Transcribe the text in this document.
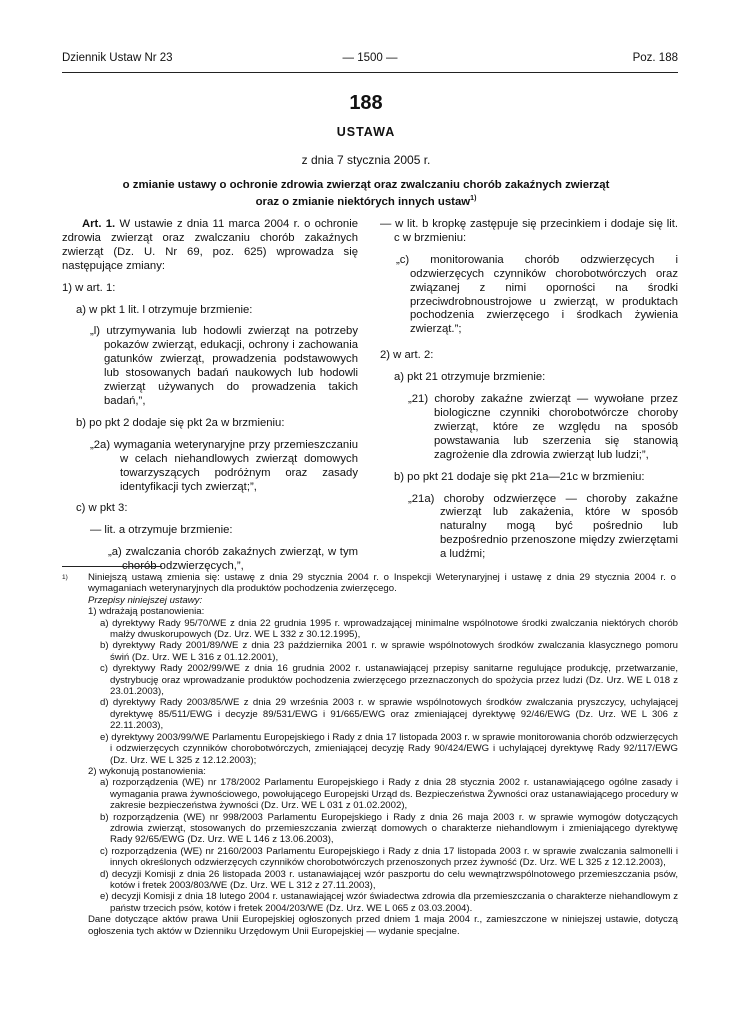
Dziennik Ustaw Nr 23	— 1500 —	Poz. 188
188
USTAWA
z dnia 7 stycznia 2005 r.
o zmianie ustawy o ochronie zdrowia zwierząt oraz zwalczaniu chorób zakaźnych zwierząt
oraz o zmianie niektórych innych ustaw$^{1)}$

Art. 1. W ustawie z dnia 11 marca 2004 r. o ochronie zdrowia zwierząt oraz zwalczaniu chorób zakaźnych zwierząt (Dz. U. Nr 69, poz. 625) wprowadza się następujące zmiany:

1) w art. 1:

a) w pkt 1 lit. l otrzymuje brzmienie:

„l) utrzymywania lub hodowli zwierząt na potrzeby pokazów zwierząt, edukacji, ochrony i zachowania gatunków zwierząt, prowadzenia podstawowych lub stosowanych badań naukowych lub hodowli zwierząt używanych do prowadzenia takich badań,”,

b) po pkt 2 dodaje się pkt 2a w brzmieniu:

„2a) wymagania weterynaryjne przy przemieszczaniu w celach niehandlowych zwierząt domowych towarzyszących podróżnym oraz zasady identyfikacji tych zwierząt;”,

c) w pkt 3:

— lit. a otrzymuje brzmienie:

„a) zwalczania chorób zakaźnych zwierząt, w tym chorób odzwierzęcych,”,

— w lit. b kropkę zastępuje się przecinkiem i dodaje się lit. c w brzmieniu:

„c) monitorowania chorób odzwierzęcych i odzwierzęcych czynników chorobotwórczych oraz związanej z nimi oporności na środki przeciwdrobnoustrojowe u zwierząt, w produktach pochodzenia zwierzęcego i środkach żywienia zwierząt.”;

2) w art. 2:

a) pkt 21 otrzymuje brzmienie:

„21) choroby zakaźne zwierząt — wywołane przez biologiczne czynniki chorobotwórcze choroby zwierząt, które ze względu na sposób powstawania lub szerzenia się stanowią zagrożenie dla zdrowia zwierząt lub ludzi;”,

b) po pkt 21 dodaje się pkt 21a—21c w brzmieniu:

„21a) choroby odzwierzęce — choroby zakaźne zwierząt lub zakażenia, które w sposób naturalny mogą być pośrednio lub bezpośrednio przenoszone między zwierzętami a ludźmi;

$^{1)}$ Niniejszą ustawą zmienia się: ustawę z dnia 29 stycznia 2004 r. o Inspekcji Weterynaryjnej i ustawę z dnia 29 stycznia 2004 r. o wymaganiach weterynaryjnych dla produktów pochodzenia zwierzęcego.

Przepisy niniejszej ustawy:

1) wdrażają postanowienia:

a) dyrektywy Rady 95/70/WE z dnia 22 grudnia 1995 r. wprowadzającej minimalne wspólnotowe środki zwalczania niektórych chorób małży dwuskorupowych (Dz. Urz. WE L 332 z 30.12.1995),

b) dyrektywy Rady 2001/89/WE z dnia 23 października 2001 r. w sprawie wspólnotowych środków zwalczania klasycznego pomoru świń (Dz. Urz. WE L 316 z 01.12.2001),

c) dyrektywy Rady 2002/99/WE z dnia 16 grudnia 2002 r. ustanawiającej przepisy sanitarne regulujące produkcję, przetwarzanie, dystrybucję oraz wprowadzanie produktów pochodzenia zwierzęcego przeznaczonych do spożycia przez ludzi (Dz. Urz. WE L 018 z 23.01.2003),

d) dyrektywy Rady 2003/85/WE z dnia 29 września 2003 r. w sprawie wspólnotowych środków zwalczania pryszczycy, uchylającej dyrektywę 85/511/EWG i decyzje 89/531/EWG i 91/665/EWG oraz zmieniającej dyrektywę 92/46/EWG (Dz. Urz. WE L 306 z 22.11.2003),

e) dyrektywy 2003/99/WE Parlamentu Europejskiego i Rady z dnia 17 listopada 2003 r. w sprawie monitorowania chorób odzwierzęcych i odzwierzęcych czynników chorobotwórczych, zmieniającej decyzję Rady 90/424/EWG i uchylającej dyrektywę Rady 92/117/EWG (Dz. Urz. WE L 325 z 12.12.2003);

2) wykonują postanowienia:

a) rozporządzenia (WE) nr 178/2002 Parlamentu Europejskiego i Rady z dnia 28 stycznia 2002 r. ustanawiającego ogólne zasady i wymagania prawa żywnościowego, powołującego Europejski Urząd ds. Bezpieczeństwa Żywności oraz ustanawiającego procedury w zakresie bezpieczeństwa żywności (Dz. Urz. WE L 031 z 01.02.2002),

b) rozporządzenia (WE) nr 998/2003 Parlamentu Europejskiego i Rady z dnia 26 maja 2003 r. w sprawie wymogów dotyczących zdrowia zwierząt, stosowanych do przemieszczania zwierząt domowych o charakterze niehandlowym i zmieniającego dyrektywę Rady 92/65/EWG (Dz. Urz. WE L 146 z 13.06.2003),

c) rozporządzenia (WE) nr 2160/2003 Parlamentu Europejskiego i Rady z dnia 17 listopada 2003 r. w sprawie zwalczania salmonelli i innych określonych odzwierzęcych czynników chorobotwórczych przenoszonych przez żywność (Dz. Urz. WE L 325 z 12.12.2003),

d) decyzji Komisji z dnia 26 listopada 2003 r. ustanawiającej wzór paszportu do celu wewnątrzwspólnotowego przemieszczania psów, kotów i fretek 2003/803/WE (Dz. Urz. WE L 312 z 27.11.2003),

e) decyzji Komisji z dnia 18 lutego 2004 r. ustanawiającej wzór świadectwa zdrowia dla przemieszczania o charakterze niehandlowym z państw trzecich psów, kotów i fretek 2004/203/WE (Dz. Urz. WE L 065 z 03.03.2004).

Dane dotyczące aktów prawa Unii Europejskiej ogłoszonych przed dniem 1 maja 2004 r., zamieszczone w niniejszej ustawie, dotyczą ogłoszenia tych aktów w Dzienniku Urzędowym Unii Europejskiej — wydanie specjalne.
